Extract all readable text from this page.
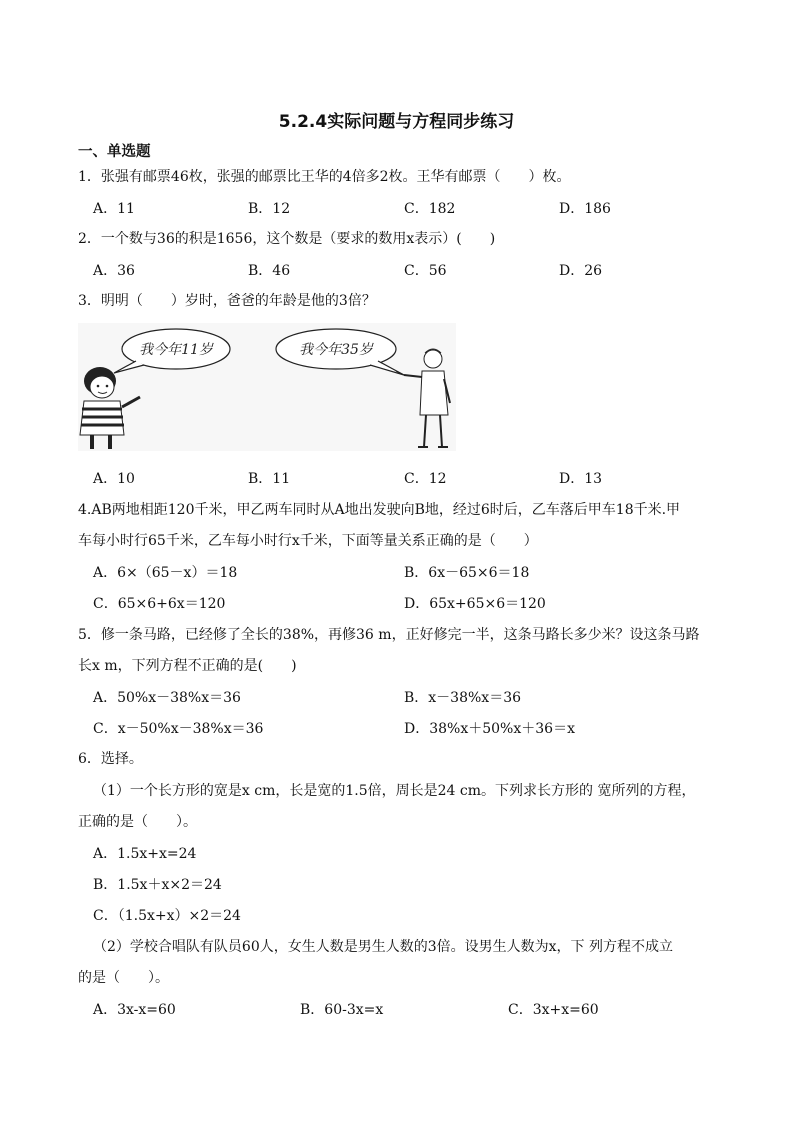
5.2.4实际问题与方程同步练习
一、单选题
1．张强有邮票46枚，张强的邮票比王华的4倍多2枚。王华有邮票（　　）枚。
A．11	B．12	C．182	D．186
2．一个数与36的积是1656，这个数是（要求的数用x表示）(　　)
A．36	B．46	C．56	D．26
3．明明（　　）岁时，爸爸的年龄是他的3倍？
我今年11岁	我今年35岁
A．10	B．11	C．12	D．13
4.AB两地相距120千米，甲乙两车同时从A地出发驶向B地，经过6时后，乙车落后甲车18千米.甲
车每小时行65千米，乙车每小时行x千米，下面等量关系正确的是（　　）
A．6×（65－x）＝18	B．6x－65×6＝18
C．65×6+6x＝120	D．65x+65×6＝120
5．修一条马路，已经修了全长的38%，再修36 m，正好修完一半，这条马路长多少米？设这条马路
长x m，下列方程不正确的是(　　)
A．50%x－38%x＝36	B．x－38%x＝36
C．x－50%x－38%x＝36	D．38%x＋50%x＋36＝x
6．选择。
（1）一个长方形的宽是x cm，长是宽的1.5倍，周长是24 cm。下列求长方形的 宽所列的方程，
正确的是（　　）。
A．1.5x+x=24
B．1.5x＋x×2＝24
C．（1.5x+x）×2＝24
（2）学校合唱队有队员60人，女生人数是男生人数的3倍。设男生人数为x，下 列方程不成立
的是（　　）。
A．3x-x=60	B．60-3x=x	C．3x+x=60
